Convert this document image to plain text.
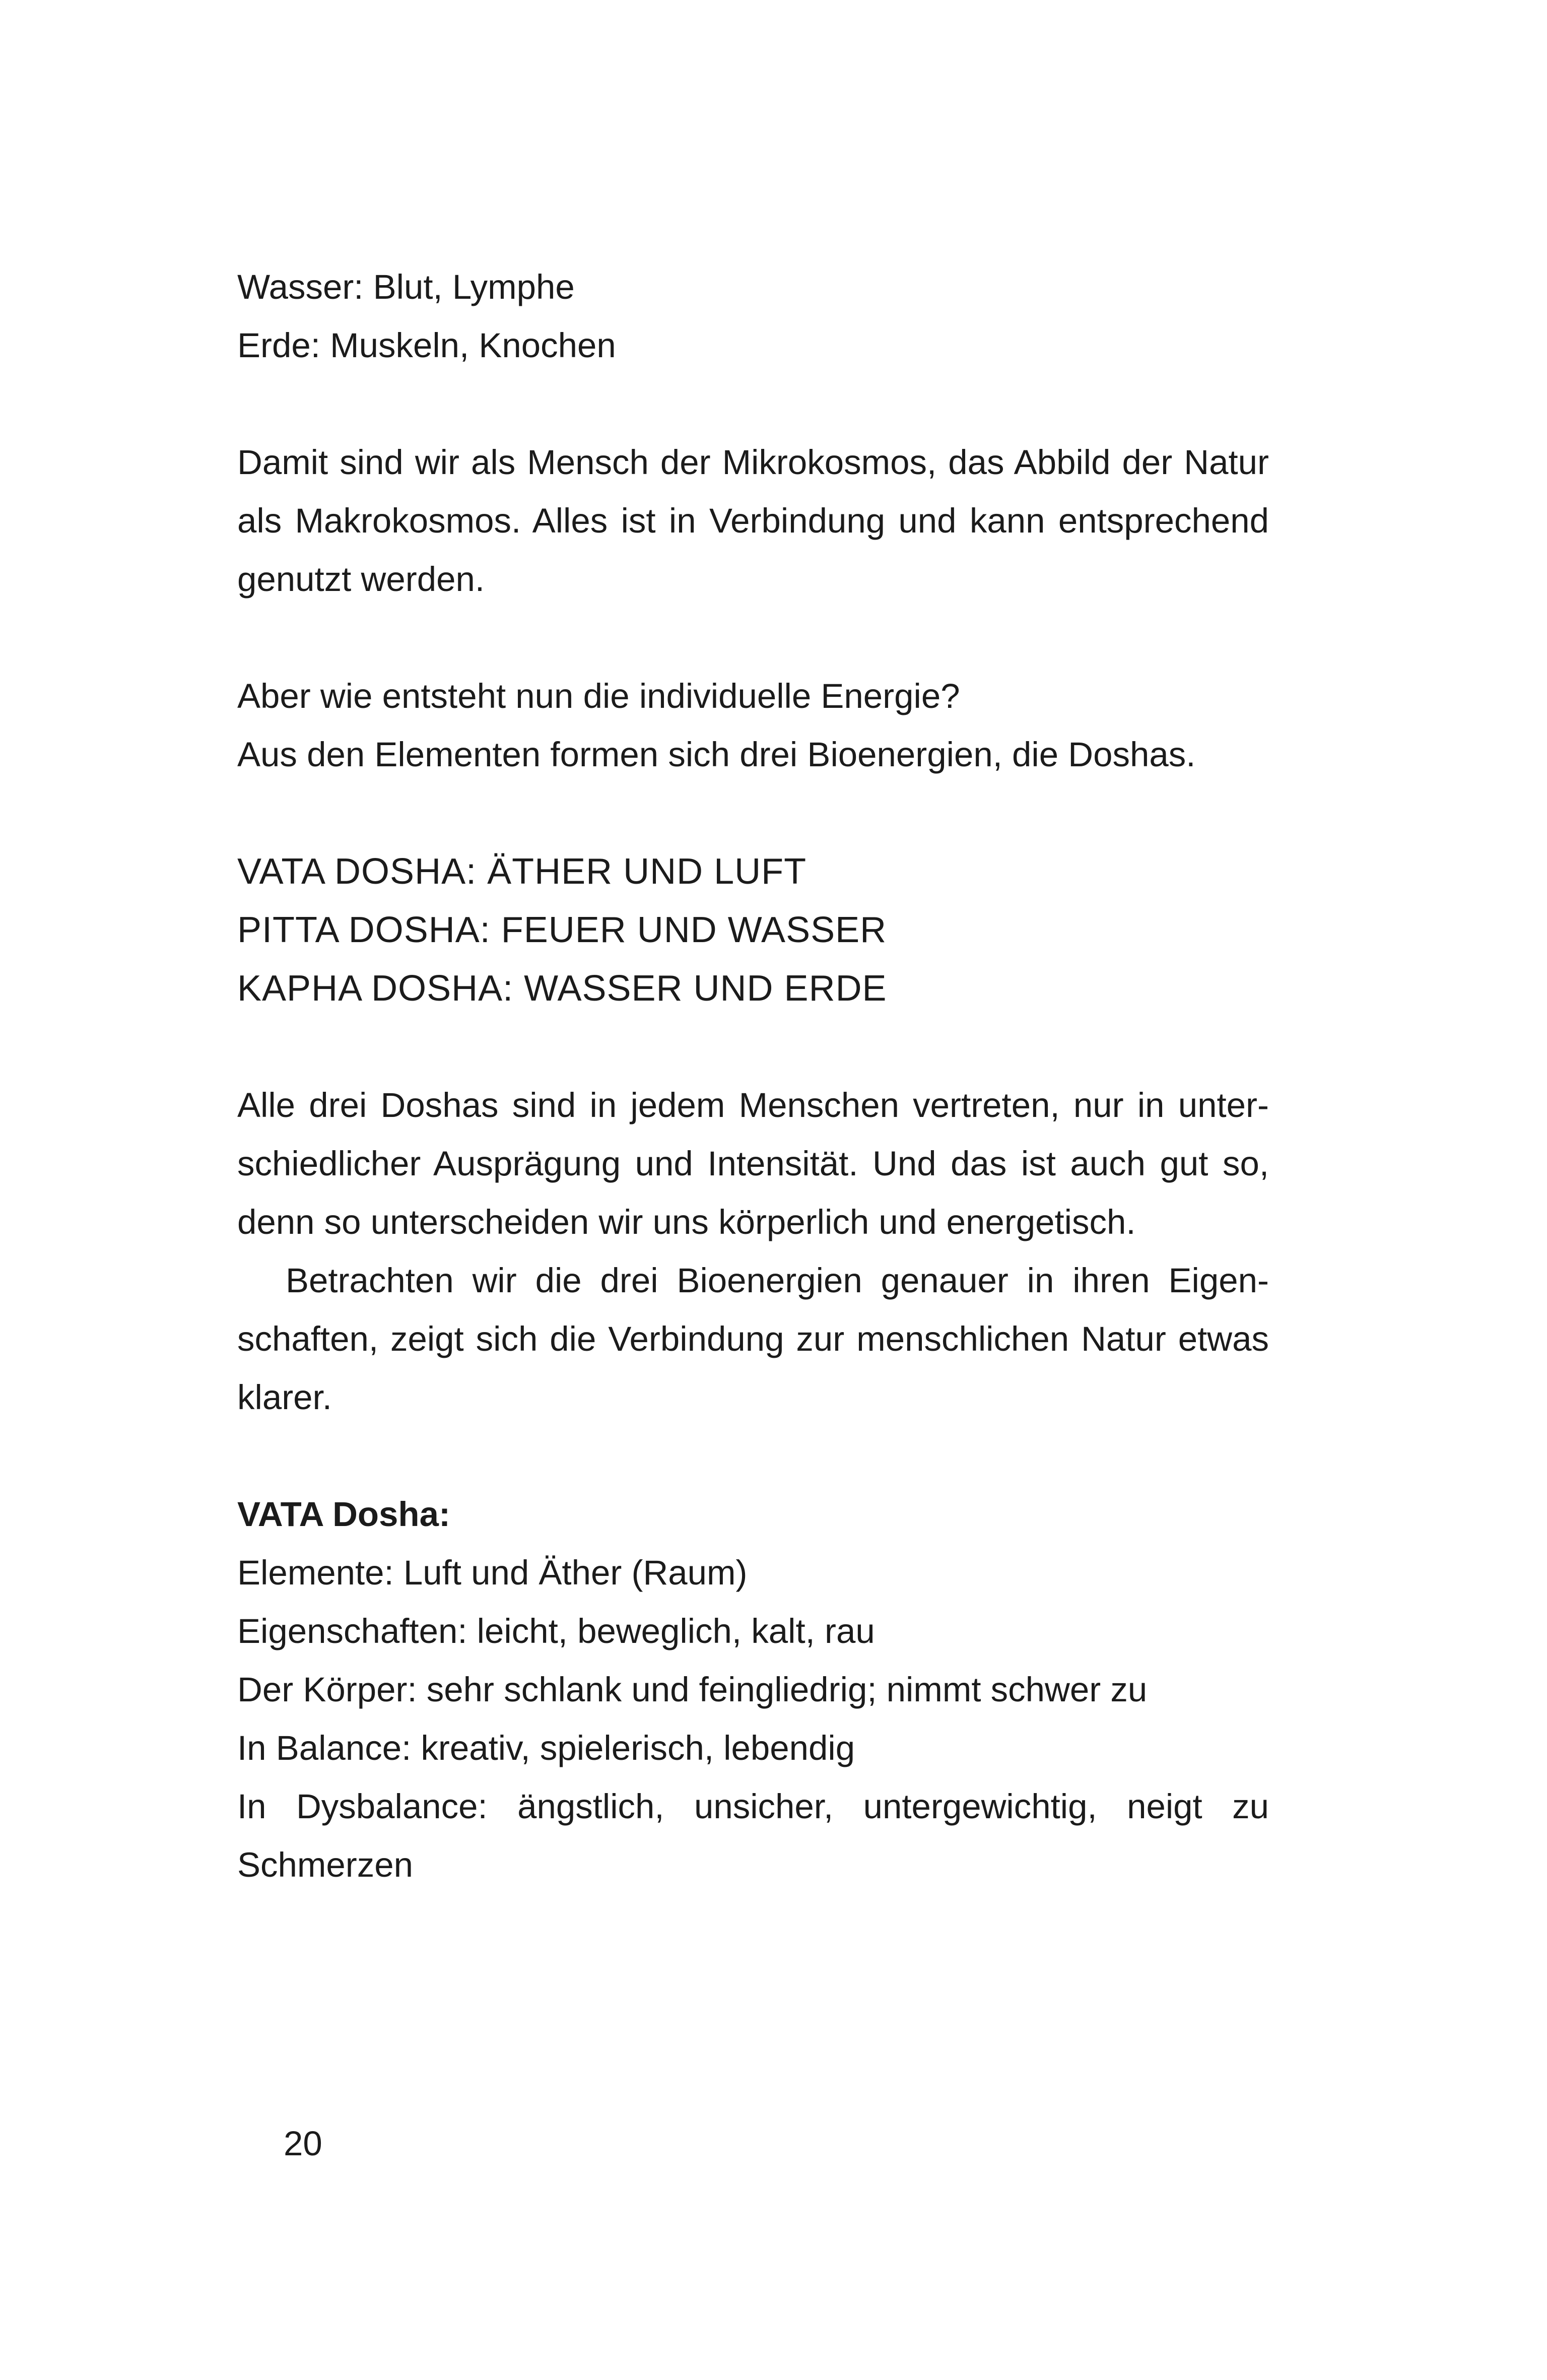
Wasser: Blut, Lymphe

Erde: Muskeln, Knochen

Damit sind wir als Mensch der Mikrokosmos, das Abbild der Natur

als Makrokosmos. Alles ist in Verbindung und kann entsprechend

genutzt werden.

Aber wie entsteht nun die individuelle Energie?

Aus den Elementen formen sich drei Bioenergien, die Doshas.

VATA DOSHA: ÄTHER UND LUFT

PITTA DOSHA: FEUER UND WASSER

KAPHA DOSHA: WASSER UND ERDE

Alle drei Doshas sind in jedem Menschen vertreten, nur in unter-

schiedlicher Ausprägung und Intensität. Und das ist auch gut so,

denn so unterscheiden wir uns körperlich und energetisch.

Betrachten wir die drei Bioenergien genauer in ihren Eigen-

schaften, zeigt sich die Verbindung zur menschlichen Natur etwas

klarer.

VATA Dosha:

Elemente: Luft und Äther (Raum)

Eigenschaften: leicht, beweglich, kalt, rau

Der Körper: sehr schlank und feingliedrig; nimmt schwer zu

In Balance: kreativ, spielerisch, lebendig

In Dysbalance: ängstlich, unsicher, untergewichtig, neigt zu

Schmerzen

20
